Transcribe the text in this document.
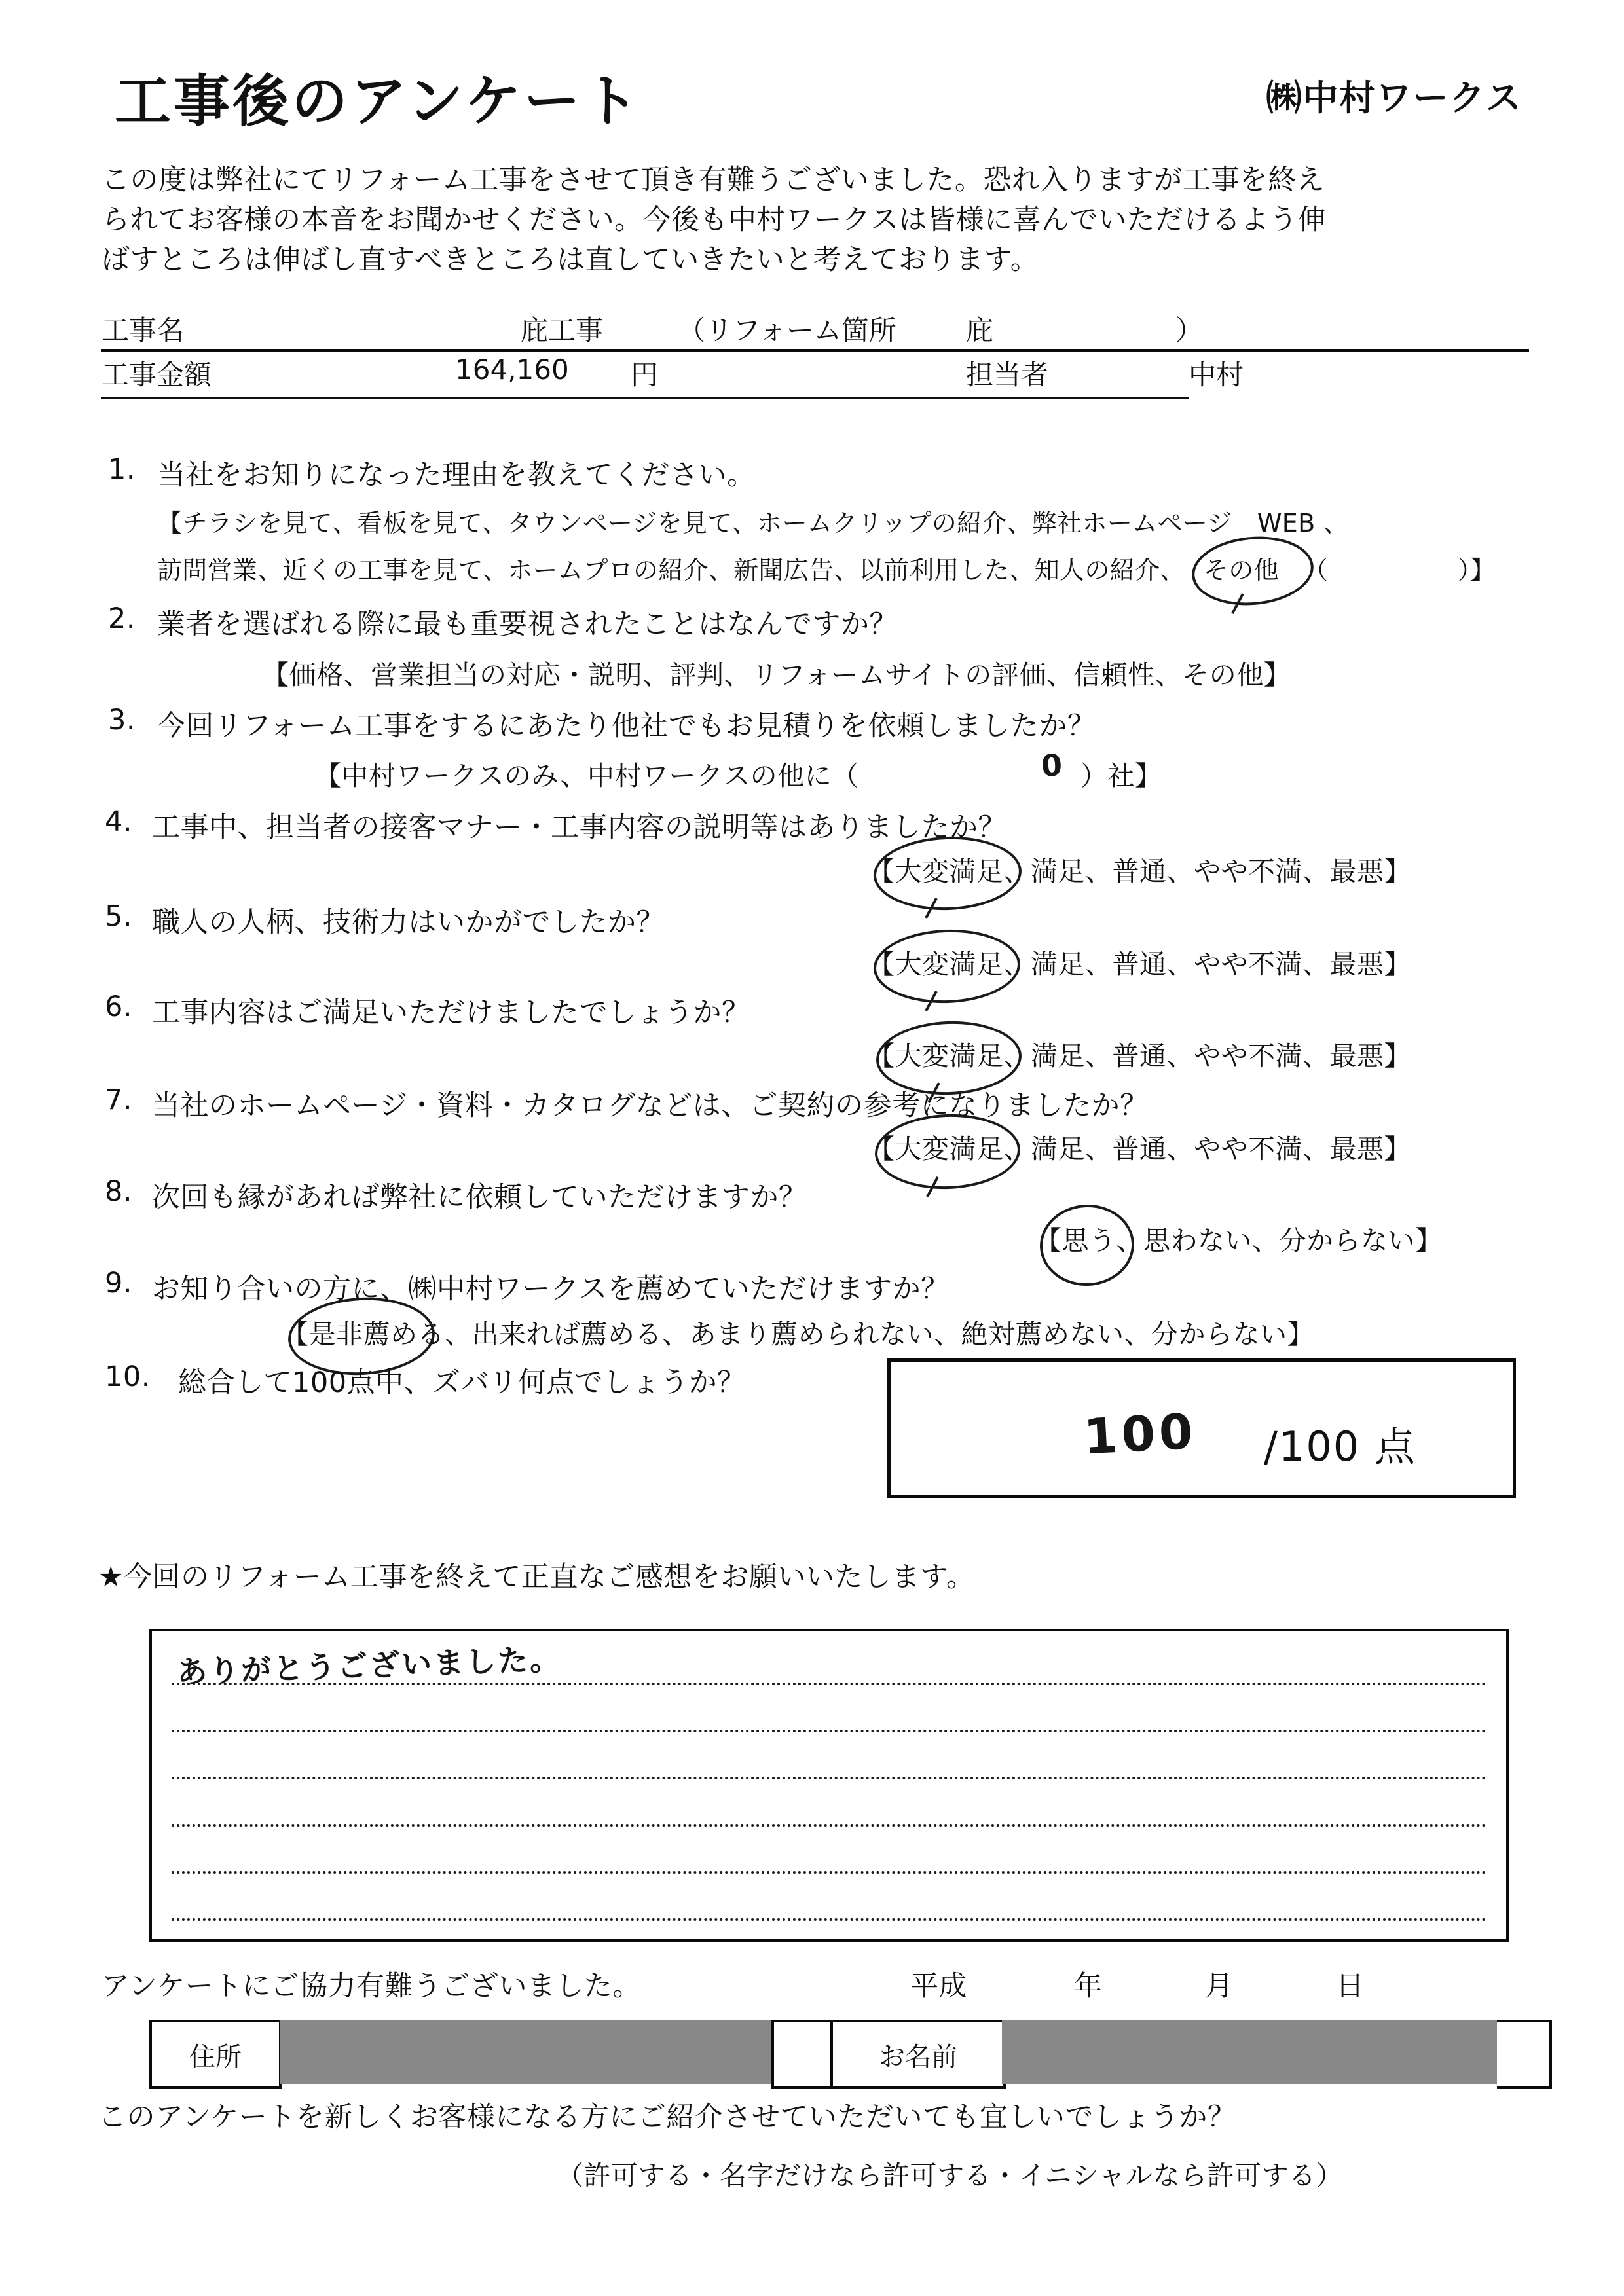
工事後のアンケート	㈱中村ワークス
この度は弊社にてリフォーム工事をさせて頂き有難うございました。恐れ入りますが工事を終え
られてお客様の本音をお聞かせください。今後も中村ワークスは皆様に喜んでいただけるよう伸
ばすところは伸ばし直すべきところは直していきたいと考えております。
工事名	庇工事	（リフォーム箇所	庇	）
工事金額	164,160 円	担当者	中村
1. 当社をお知りになった理由を教えてください。
【チラシを見て、看板を見て、タウンページを見て、ホームクリップの紹介、弊社ホームページ　WEB 、
訪問営業、近くの工事を見て、ホームプロの紹介、新聞広告、以前利用した、知人の紹介、 その他 （	）】
2. 業者を選ばれる際に最も重要視されたことはなんですか？
【価格、営業担当の対応・説明、評判、リフォームサイトの評価、信頼性、その他】
3. 今回リフォーム工事をするにあたり他社でもお見積りを依頼しましたか？
【中村ワークスのみ、中村ワークスの他に（	0 ）社】
4. 工事中、担当者の接客マナー・工事内容の説明等はありましたか？
【大変満足、満足、普通、やや不満、最悪】
5. 職人の人柄、技術力はいかがでしたか？
【大変満足、満足、普通、やや不満、最悪】
6. 工事内容はご満足いただけましたでしょうか？
【大変満足、満足、普通、やや不満、最悪】
7. 当社のホームページ・資料・カタログなどは、ご契約の参考になりましたか？
【大変満足、満足、普通、やや不満、最悪】
8. 次回も縁があれば弊社に依頼していただけますか？
【思う、思わない、分からない】
9. お知り合いの方に、㈱中村ワークスを薦めていただけますか？
【是非薦める、出来れば薦める、あまり薦められない、絶対薦めない、分からない】
10. 総合して100点中、ズバリ何点でしょうか？
100 /100 点
★今回のリフォーム工事を終えて正直なご感想をお願いいたします。
ありがとうございました。
アンケートにご協力有難うございました。	平成	年	月	日
住所	お名前
このアンケートを新しくお客様になる方にご紹介させていただいても宜しいでしょうか？
（許可する・名字だけなら許可する・イニシャルなら許可する）
